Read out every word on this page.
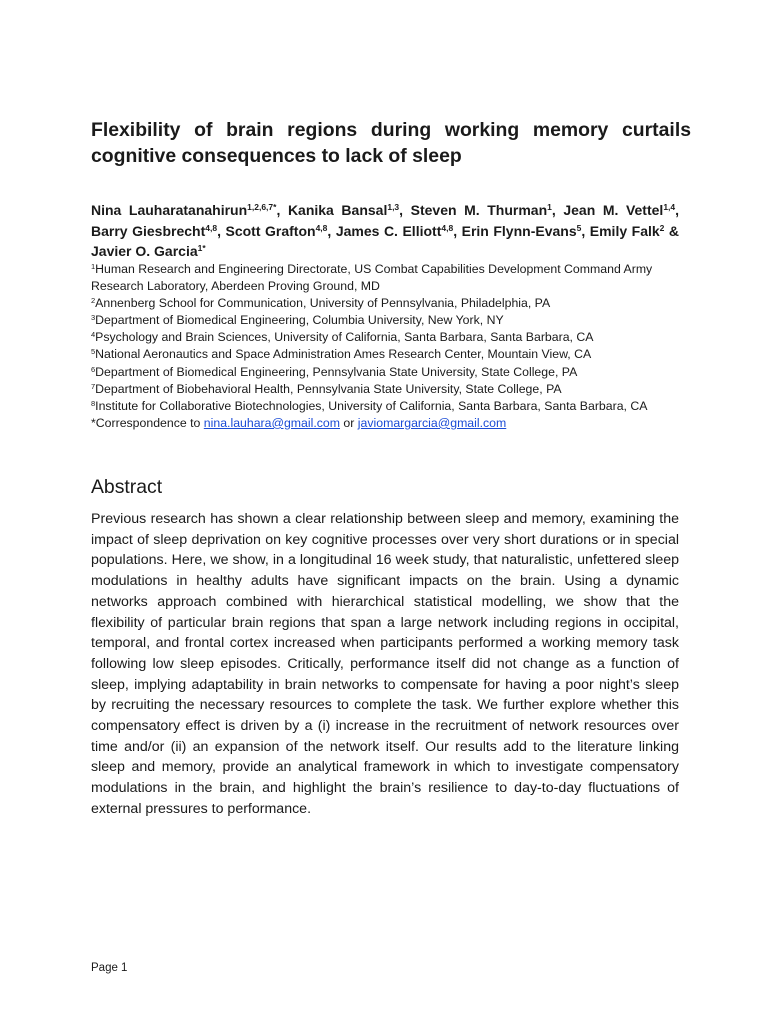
Flexibility of brain regions during working memory curtails cognitive consequences to lack of sleep
Nina Lauharatanahirun$^{1,2,6,7*}$, Kanika Bansal$^{1,3}$, Steven M. Thurman$^1$, Jean M. Vettel$^{1,4}$, Barry Giesbrecht$^{4,8}$, Scott Grafton$^{4,8}$, James C. Elliott$^{4,8}$, Erin Flynn-Evans$^5$, Emily Falk$^2$ & Javier O. Garcia$^{1*}$
$^1$Human Research and Engineering Directorate, US Combat Capabilities Development Command Army
Research Laboratory, Aberdeen Proving Ground, MD
$^2$Annenberg School for Communication, University of Pennsylvania, Philadelphia, PA
$^3$Department of Biomedical Engineering, Columbia University, New York, NY
$^4$Psychology and Brain Sciences, University of California, Santa Barbara, Santa Barbara, CA
$^5$National Aeronautics and Space Administration Ames Research Center, Mountain View, CA
$^6$Department of Biomedical Engineering, Pennsylvania State University, State College, PA
$^7$Department of Biobehavioral Health, Pennsylvania State University, State College, PA
$^8$Institute for Collaborative Biotechnologies, University of California, Santa Barbara, Santa Barbara, CA
*Correspondence to nina.lauhara@gmail.com or javiomargarcia@gmail.com
Abstract

Previous research has shown a clear relationship between sleep and memory, examining the impact of sleep deprivation on key cognitive processes over very short durations or in special populations. Here, we show, in a longitudinal 16 week study, that naturalistic, unfettered sleep modulations in healthy adults have significant impacts on the brain. Using a dynamic networks approach combined with hierarchical statistical modelling, we show that the flexibility of particular brain regions that span a large network including regions in occipital, temporal, and frontal cortex increased when participants performed a working memory task following low sleep episodes. Critically, performance itself did not change as a function of sleep, implying adaptability in brain networks to compensate for having a poor night’s sleep by recruiting the necessary resources to complete the task. We further explore whether this compensatory effect is driven by a (i) increase in the recruitment of network resources over time and/or (ii) an expansion of the network itself. Our results add to the literature linking sleep and memory, provide an analytical framework in which to investigate compensatory modulations in the brain, and highlight the brain’s resilience to day-to-day fluctuations of external pressures to performance.

Page 1
